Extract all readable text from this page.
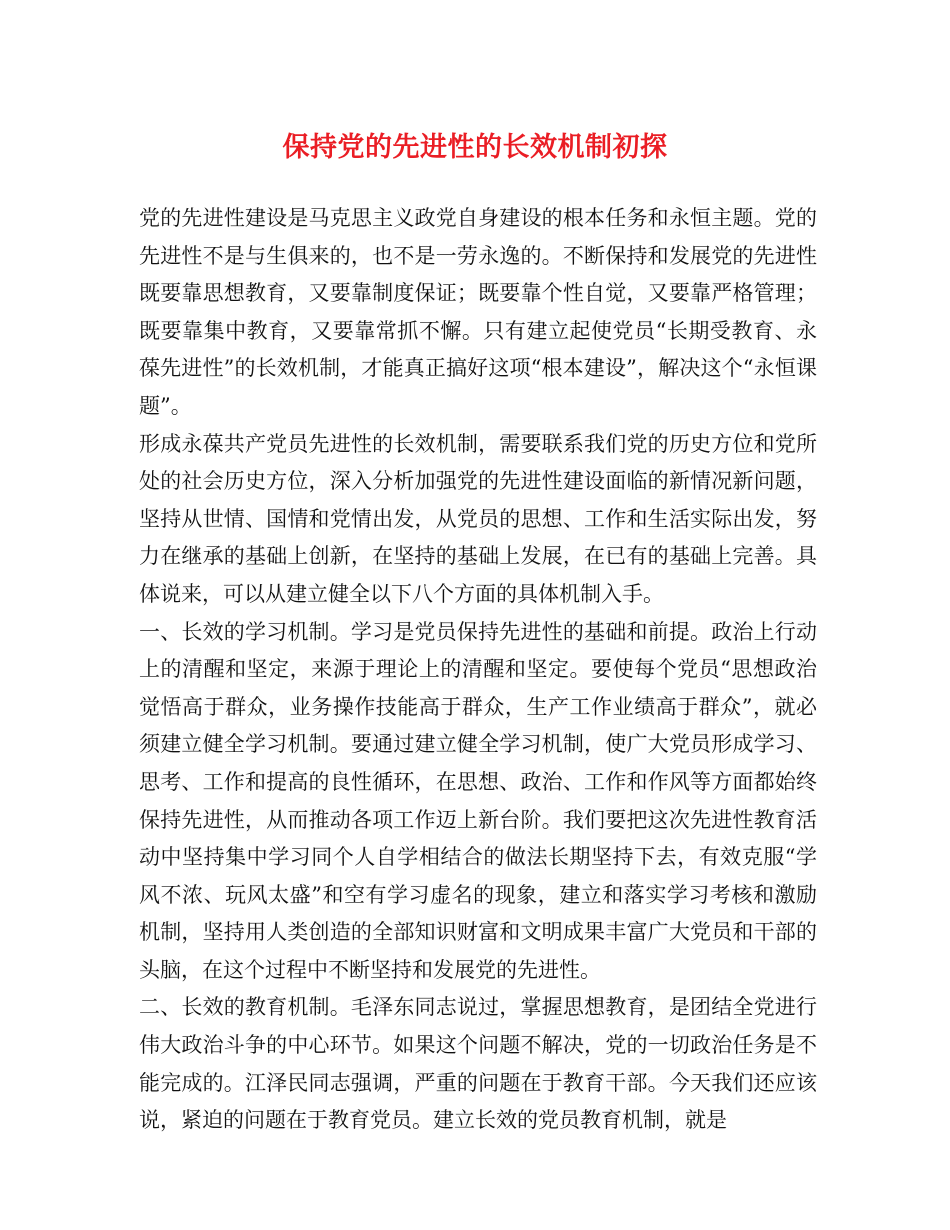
保持党的先进性的长效机制初探

党的先进性建设是马克思主义政党自身建设的根本任务和永恒主题。党的先进性不是与生俱来的，也不是一劳永逸的。不断保持和发展党的先进性既要靠思想教育，又要靠制度保证；既要靠个性自觉，又要靠严格管理；既要靠集中教育，又要靠常抓不懈。只有建立起使党员“长期受教育、永葆先进性”的长效机制，才能真正搞好这项“根本建设”，解决这个“永恒课题”。

形成永葆共产党员先进性的长效机制，需要联系我们党的历史方位和党所处的社会历史方位，深入分析加强党的先进性建设面临的新情况新问题，坚持从世情、国情和党情出发，从党员的思想、工作和生活实际出发，努力在继承的基础上创新，在坚持的基础上发展，在已有的基础上完善。具体说来，可以从建立健全以下八个方面的具体机制入手。

一、长效的学习机制。学习是党员保持先进性的基础和前提。政治上行动上的清醒和坚定，来源于理论上的清醒和坚定。要使每个党员“思想政治觉悟高于群众，业务操作技能高于群众，生产工作业绩高于群众”，就必须建立健全学习机制。要通过建立健全学习机制，使广大党员形成学习、思考、工作和提高的良性循环，在思想、政治、工作和作风等方面都始终保持先进性，从而推动各项工作迈上新台阶。我们要把这次先进性教育活动中坚持集中学习同个人自学相结合的做法长期坚持下去，有效克服“学风不浓、玩风太盛”和空有学习虚名的现象，建立和落实学习考核和激励机制，坚持用人类创造的全部知识财富和文明成果丰富广大党员和干部的头脑，在这个过程中不断坚持和发展党的先进性。

二、长效的教育机制。毛泽东同志说过，掌握思想教育，是团结全党进行伟大政治斗争的中心环节。如果这个问题不解决，党的一切政治任务是不能完成的。江泽民同志强调，严重的问题在于教育干部。今天我们还应该说，紧迫的问题在于教育党员。建立长效的党员教育机制，就是
